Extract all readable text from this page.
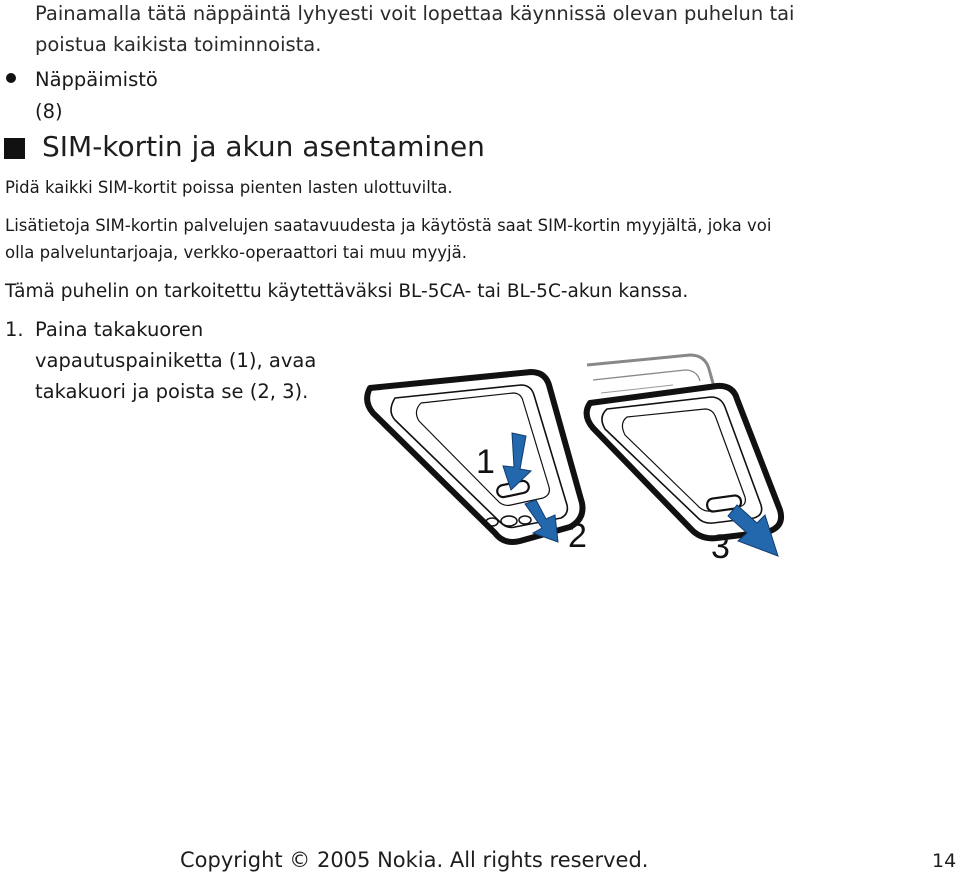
Painamalla tätä näppäintä lyhyesti voit lopettaa käynnissä olevan puhelun tai
poistua kaikista toiminnoista.
Näppäimistö (8)
SIM-kortin ja akun asentaminen
Pidä kaikki SIM-kortit poissa pienten lasten ulottuvilta.
Lisätietoja SIM-kortin palvelujen saatavuudesta ja käytöstä saat SIM-kortin myyjältä, joka voi olla palveluntarjoaja, verkko-operaattori tai muu myyjä.
Tämä puhelin on tarkoitettu käytettäväksi BL-5CA- tai BL-5C-akun kanssa.
1. Paina takakuoren vapautuspainiketta (1), avaa takakuori ja poista se (2, 3).
1
2	3
Copyright © 2005 Nokia. All rights reserved.	14
